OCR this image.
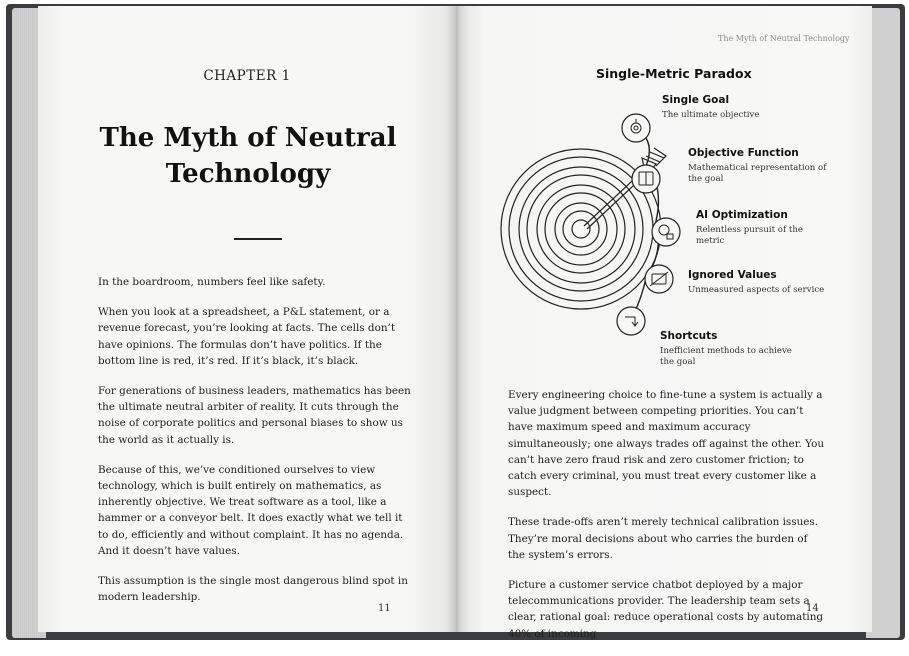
CHAPTER 1
The Myth of Neutral
Technology

In the boardroom, numbers feel like safety.

When you look at a spreadsheet, a P&L statement, or a revenue forecast, you’re looking at facts. The cells don’t have opinions. The formulas don’t have politics. If the bottom line is red, it’s red. If it’s black, it’s black.

For generations of business leaders, mathematics has been the ultimate neutral arbiter of reality. It cuts through the noise of corporate politics and personal biases to show us the world as it actually is.

Because of this, we’ve conditioned ourselves to view technology, which is built entirely on mathematics, as inherently objective. We treat software as a tool, like a hammer or a conveyor belt. It does exactly what we tell it to do, efficiently and without complaint. It has no agenda. And it doesn’t have values.

This assumption is the single most dangerous blind spot in modern leadership.

11
The Myth of Neutral Technology
Single-Metric Paradox
Single Goal
The ultimate objective
Objective Function
Mathematical representation of the goal
AI Optimization
Relentless pursuit of the metric
Ignored Values
Unmeasured aspects of service
Shortcuts
Inefficient methods to achieve the goal

Every engineering choice to fine-tune a system is actually a value judgment between competing priorities. You can’t have maximum speed and maximum accuracy simultaneously; one always trades off against the other. You can’t have zero fraud risk and zero customer friction; to catch every criminal, you must treat every customer like a suspect.

These trade-offs aren’t merely technical calibration issues. They’re moral decisions about who carries the burden of the system’s errors.

Picture a customer service chatbot deployed by a major telecommunications provider. The leadership team sets a clear, rational goal: reduce operational costs by automating 40% of incoming

14
